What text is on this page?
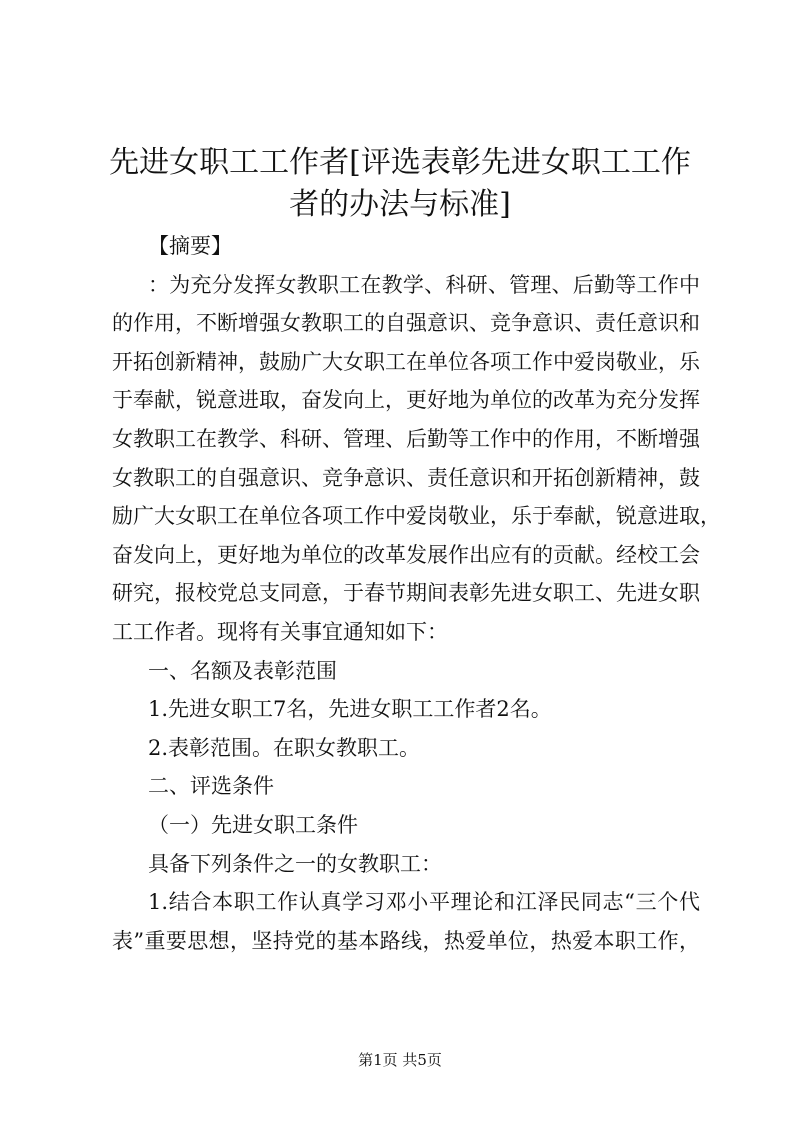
先进女职工工作者[评选表彰先进女职工工作
者的办法与标准]
【摘要】
：为充分发挥女教职工在教学、科研、管理、后勤等工作中
的作用，不断增强女教职工的自强意识、竞争意识、责任意识和
开拓创新精神，鼓励广大女职工在单位各项工作中爱岗敬业，乐
于奉献，锐意进取，奋发向上，更好地为单位的改革为充分发挥
女教职工在教学、科研、管理、后勤等工作中的作用，不断增强
女教职工的自强意识、竞争意识、责任意识和开拓创新精神，鼓
励广大女职工在单位各项工作中爱岗敬业，乐于奉献，锐意进取，
奋发向上，更好地为单位的改革发展作出应有的贡献。经校工会
研究，报校党总支同意，于春节期间表彰先进女职工、先进女职
工工作者。现将有关事宜通知如下：
一、名额及表彰范围
1.先进女职工7名，先进女职工工作者2名。
2.表彰范围。在职女教职工。
二、评选条件
（一）先进女职工条件
具备下列条件之一的女教职工：
1.结合本职工作认真学习邓小平理论和江泽民同志“三个代
表”重要思想，坚持党的基本路线，热爱单位，热爱本职工作，
第1页 共5页
